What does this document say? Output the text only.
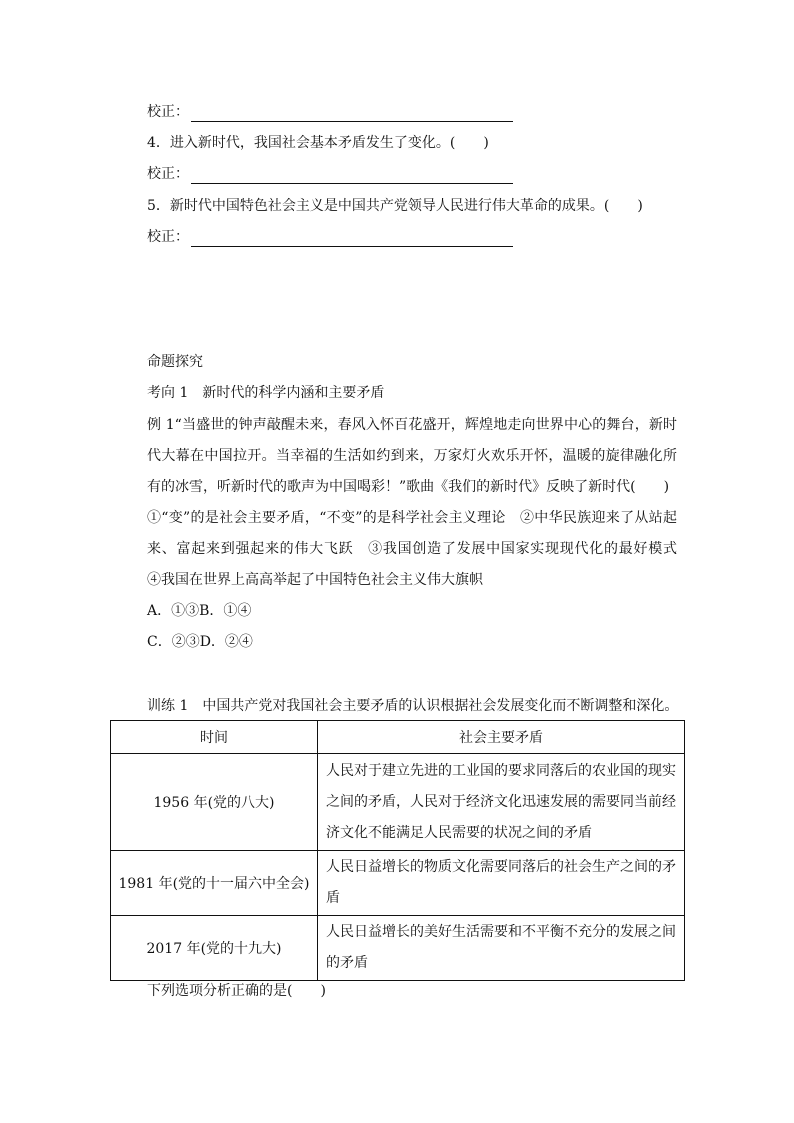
校正：
4．进入新时代，我国社会基本矛盾发生了变化。(　　)
校正：
5．新时代中国特色社会主义是中国共产党领导人民进行伟大革命的成果。(　　)
校正：
命题探究
考向 1　新时代的科学内涵和主要矛盾
例 1“当盛世的钟声敲醒未来，春风入怀百花盛开，辉煌地走向世界中心的舞台，新时代大幕在中国拉开。当幸福的生活如约到来，万家灯火欢乐开怀，温暖的旋律融化所有的冰雪，听新时代的歌声为中国喝彩！”歌曲《我们的新时代》反映了新时代(　　)
①“变”的是社会主要矛盾，“不变”的是科学社会主义理论　②中华民族迎来了从站起来、富起来到强起来的伟大飞跃　③我国创造了发展中国家实现现代化的最好模式　④我国在世界上高高举起了中国特色社会主义伟大旗帜
A．①③B．①④
C．②③D．②④
训练 1　中国共产党对我国社会主要矛盾的认识根据社会发展变化而不断调整和深化。
时间	社会主要矛盾
1956 年(党的八大)	人民对于建立先进的工业国的要求同落后的农业国的现实之间的矛盾，人民对于经济文化迅速发展的需要同当前经济文化不能满足人民需要的状况之间的矛盾
1981 年(党的十一届六中全会)	人民日益增长的物质文化需要同落后的社会生产之间的矛盾
2017 年(党的十九大)	人民日益增长的美好生活需要和不平衡不充分的发展之间的矛盾
下列选项分析正确的是(　　)
